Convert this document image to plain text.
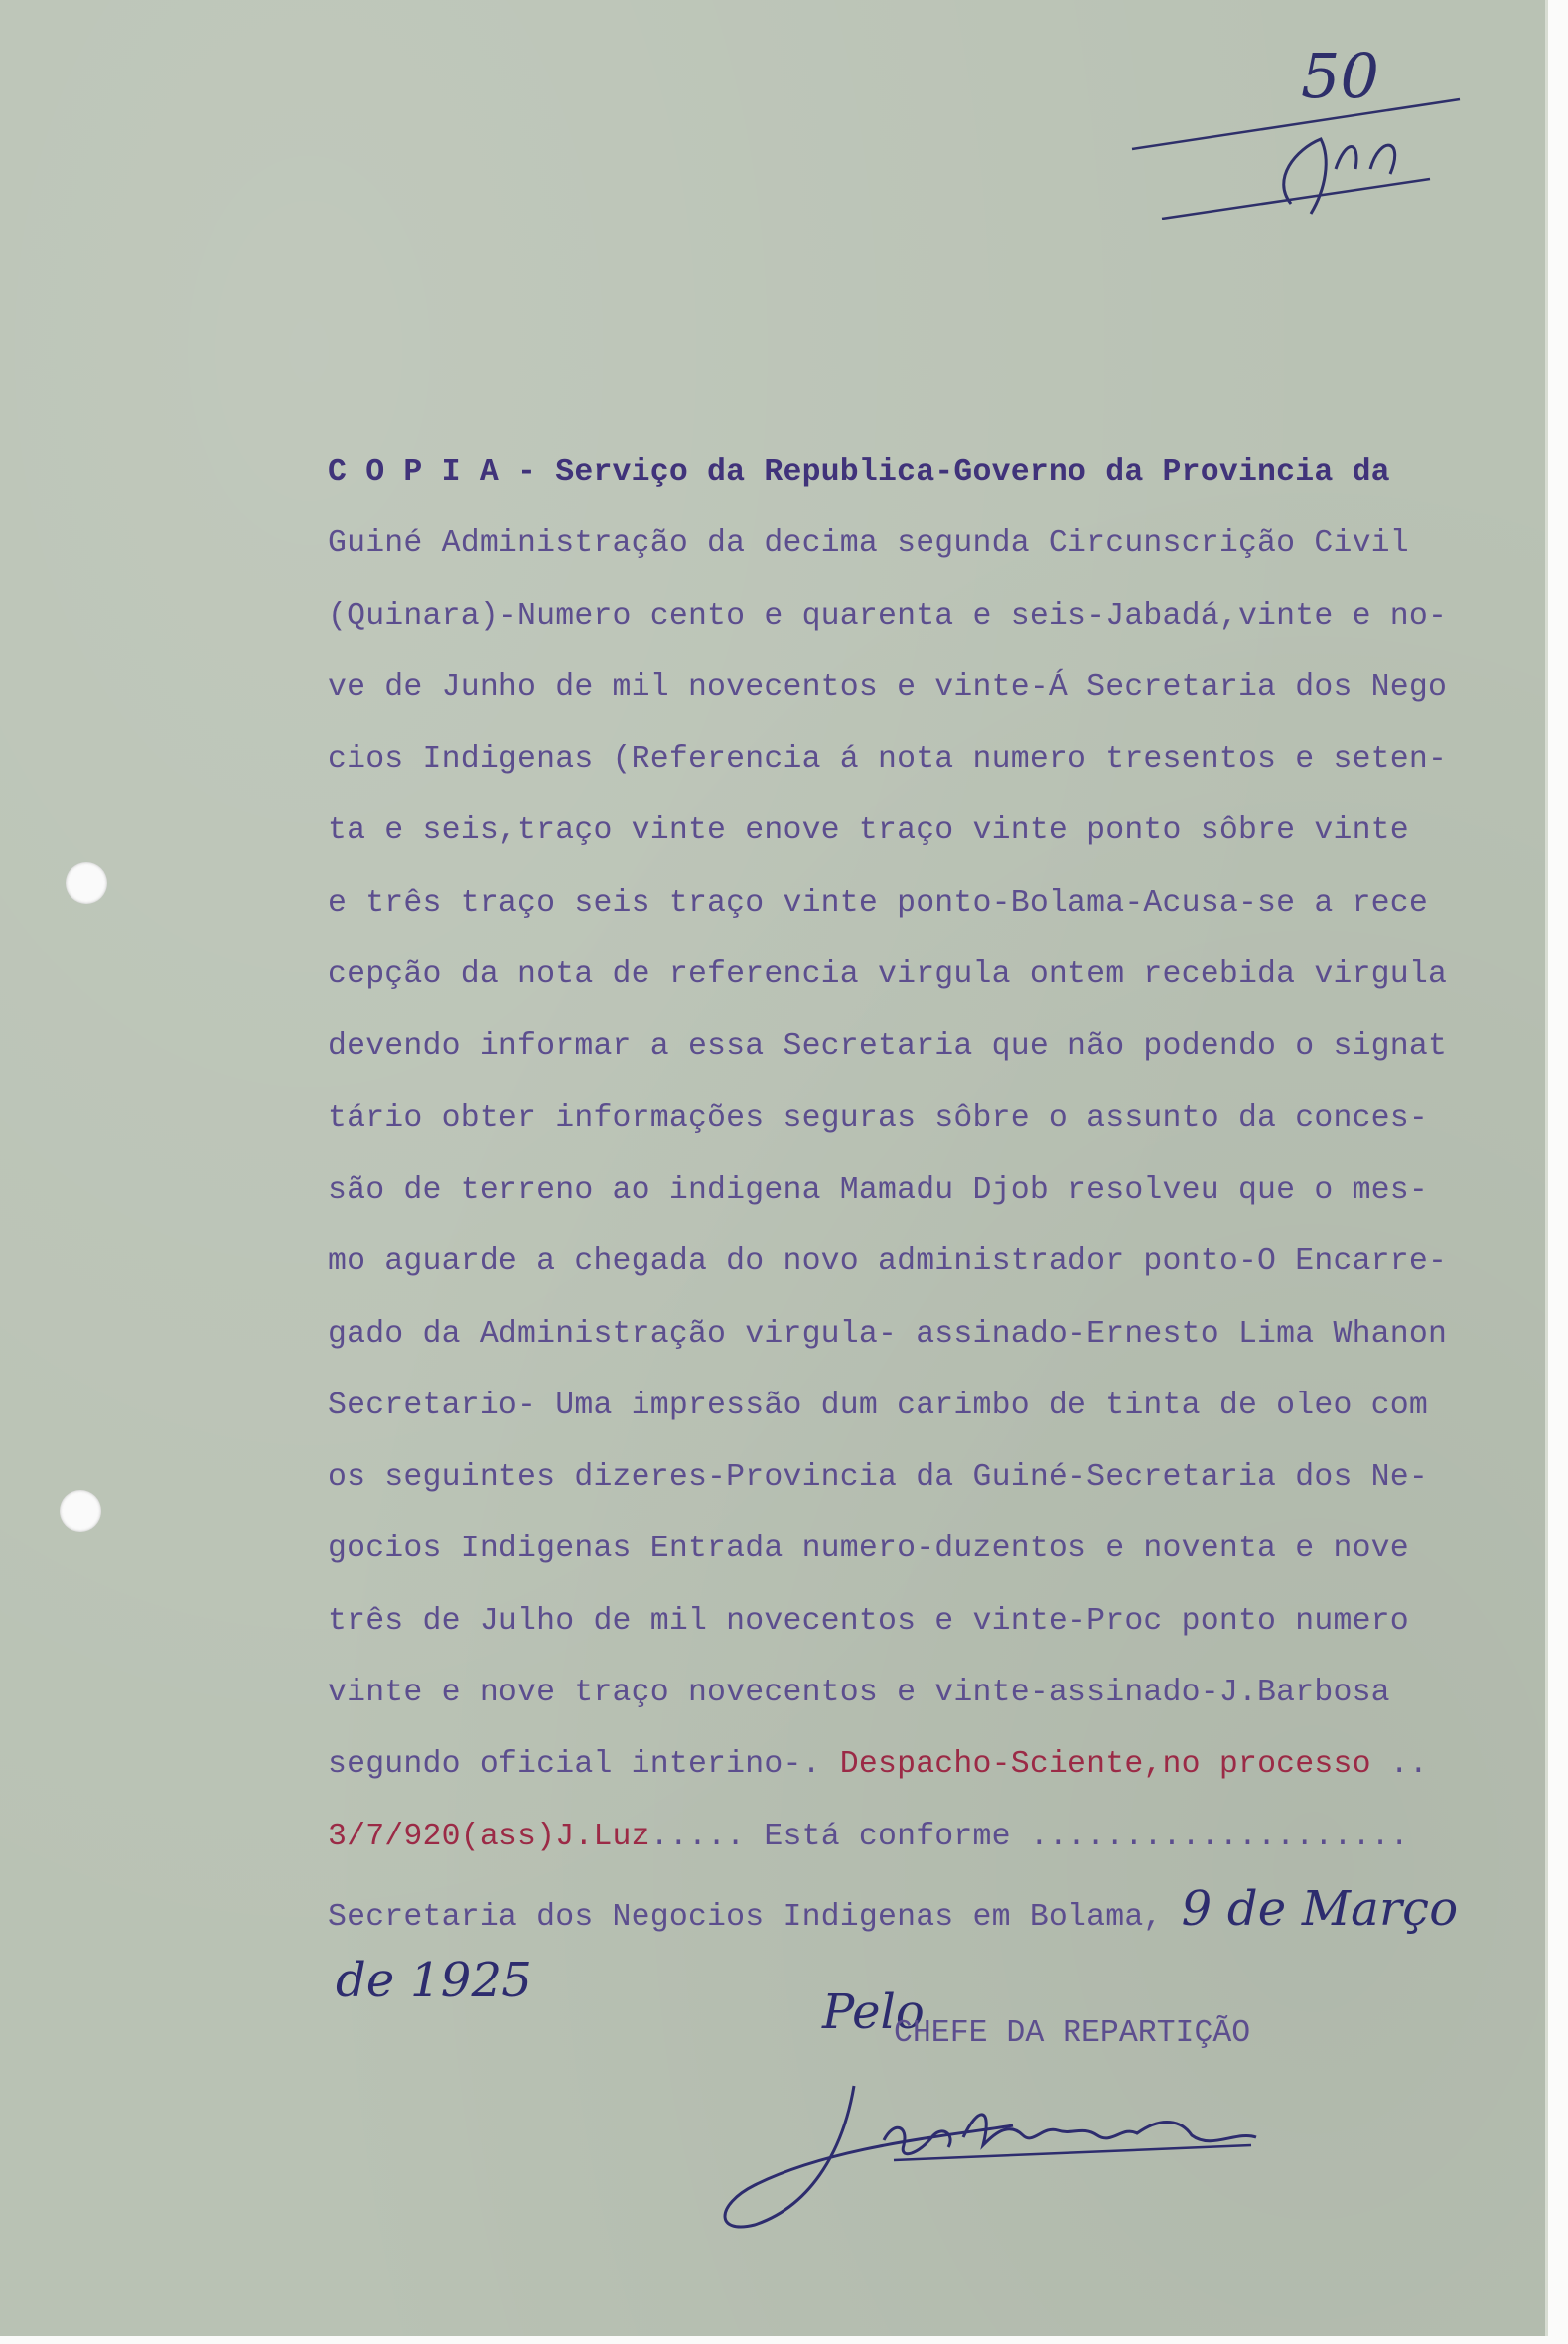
50
C O P I A - Serviço da Republica-Governo da Provincia da
Guiné Administração da decima segunda Circunscrição Civil
(Quinara)-Numero cento e quarenta e seis-Jabadá,vinte e no-
ve de Junho de mil novecentos e vinte-Á Secretaria dos Nego
cios Indigenas (Referencia á nota numero tresentos e seten-
ta e seis,traço vinte enove traço vinte ponto sôbre vinte
e três traço seis traço vinte ponto-Bolama-Acusa-se a rece
cepção da nota de referencia virgula ontem recebida virgula
devendo informar a essa Secretaria que não podendo o signat
tário obter informações seguras sôbre o assunto da conces-
são de terreno ao indigena Mamadu Djob resolveu que o mes-
mo aguarde a chegada do novo administrador ponto-O Encarre-
gado da Administração virgula- assinado-Ernesto Lima Whanon
Secretario- Uma impressão dum carimbo de tinta de oleo com
os seguintes dizeres-Provincia da Guiné-Secretaria dos Ne-
gocios Indigenas Entrada numero-duzentos e noventa e nove
três de Julho de mil novecentos e vinte-Proc ponto numero
vinte e nove traço novecentos e vinte-assinado-J.Barbosa
segundo oficial interino-. Despacho-Sciente,no processo ..
3/7/920(ass)J.Luz..... Está conforme ....................
Secretaria dos Negocios Indigenas em Bolama, 9 de Março
de 1925
Pelo
CHEFE DA REPARTIÇÃO
